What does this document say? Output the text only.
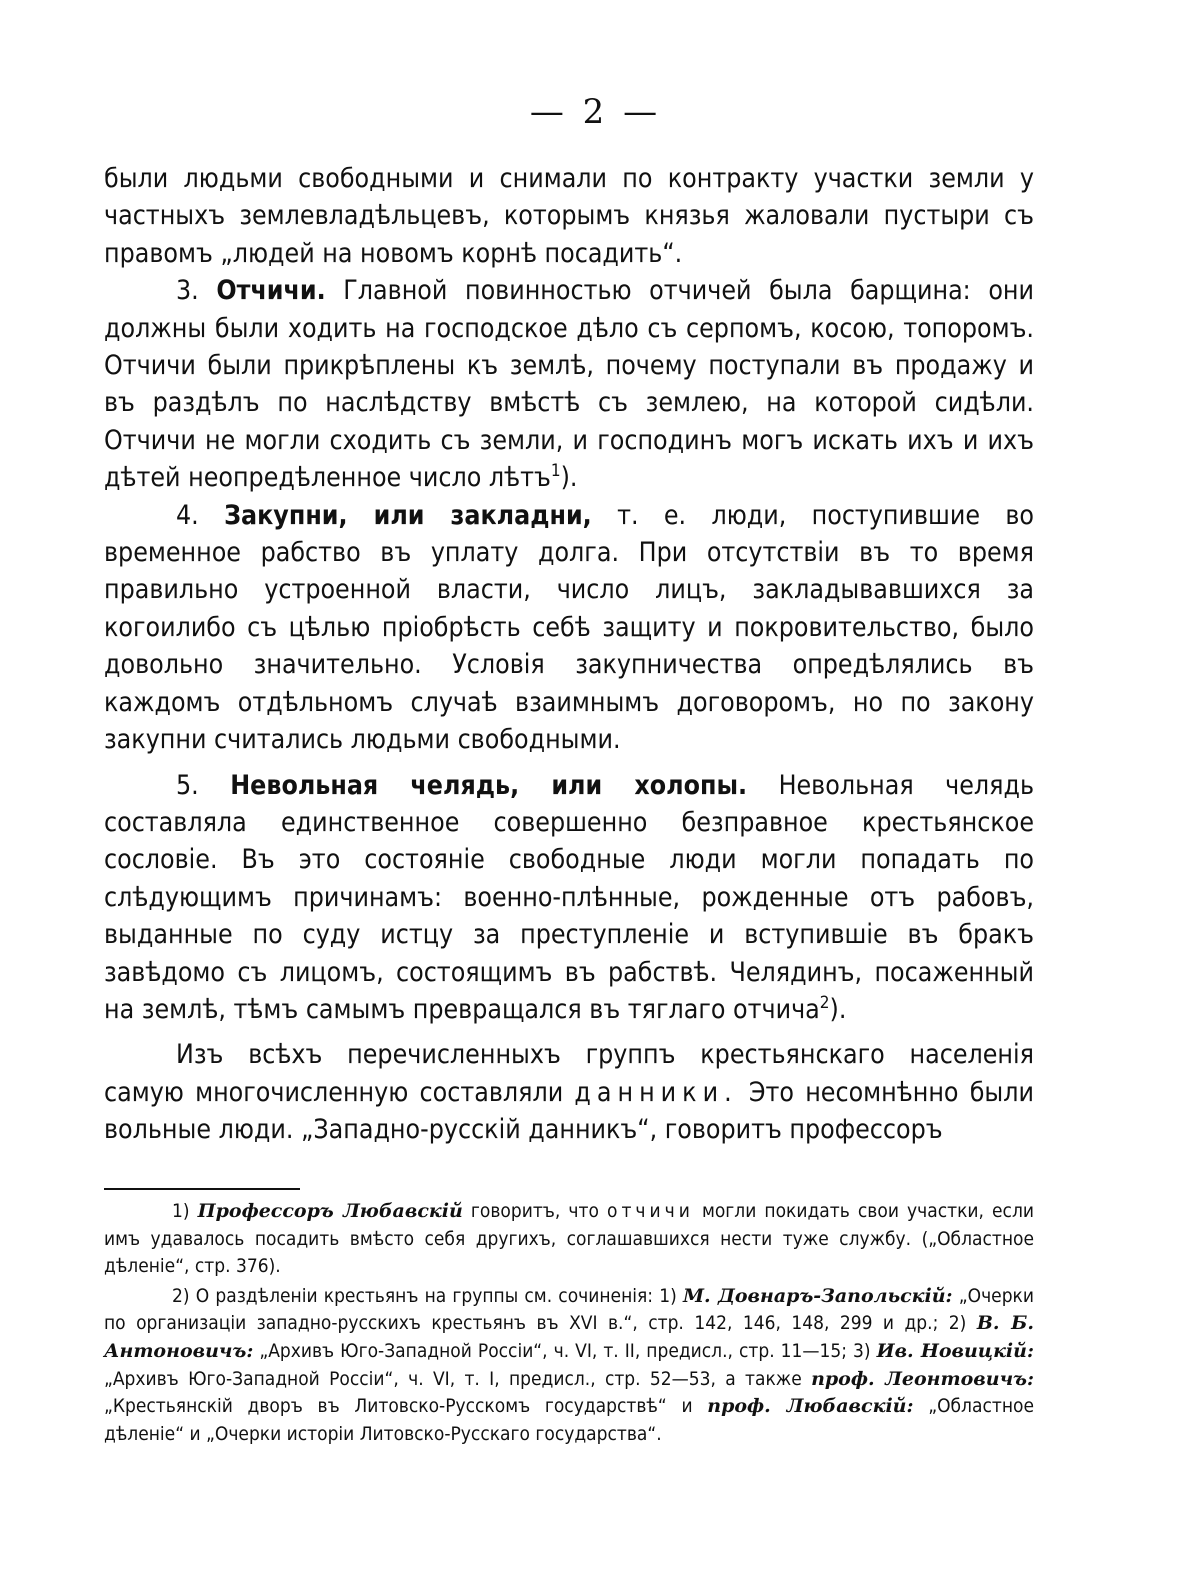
— 2 —

были людьми свободными и снимали по контракту участки земли у частныхъ землевладѣльцевъ, которымъ князья жаловали пустыри съ правомъ „людей на новомъ корнѣ посадить“.

3. Отчичи. Главной повинностью отчичей была барщина: они должны были ходить на господское дѣло съ серпомъ, косою, топоромъ. Отчичи были прикрѣплены къ землѣ, почему поступали въ продажу и въ раздѣлъ по наслѣдству вмѣстѣ съ землею, на которой сидѣли. Отчичи не могли сходить съ земли, и господинъ могъ искать ихъ и ихъ дѣтей неопредѣленное число лѣтъ$^1$).

4. Закупни, или закладни, т. е. люди, поступившие во временное рабство въ уплату долга. При отсутствiи въ то время правильно устроенной власти, число лицъ, закладывавшихся за когоилибо съ цѣлью прiобрѣсть себѣ защиту и покровительство, было довольно значительно. Условiя закупничества опредѣлялись въ каждомъ отдѣльномъ случаѣ взаимнымъ договоромъ, но по закону закупни считались людьми свободными.

5. Невольная челядь, или холопы. Невольная челядь составляла единственное совершенно безправное крестьянское сословiе. Въ это состоянiе свободные люди могли попадать по слѣдующимъ причинамъ: военно-плѣнные, рожденные отъ рабовъ, выданные по суду истцу за преступленiе и вступившiе въ бракъ завѣдомо съ лицомъ, состоящимъ въ рабствѣ. Челядинъ, посаженный на землѣ, тѣмъ самымъ превращался въ тяглаго отчича$^2$).

Изъ всѣхъ перечисленныхъ группъ крестьянскаго населенiя самую многочисленную составляли данники. Это несомнѣнно были вольные люди. „Западно-русскiй данникъ“, говоритъ профессоръ

1) Профессоръ Любавскiй говоритъ, что отчичи могли покидать свои участки, если имъ удавалось посадить вмѣсто себя другихъ, соглашавшихся нести туже службу. („Областное дѣленiе“, стр. 376).

2) О раздѣленiи крестьянъ на группы см. сочиненiя: 1) М. Довнаръ-Запольскiй: „Очерки по организацiи западно-русскихъ крестьянъ въ XVI в.“, стр. 142, 146, 148, 299 и др.; 2) В. Б. Антоновичъ: „Архивъ Юго-Западной Россiи“, ч. VI, т. II, предисл., стр. 11—15; 3) Ив. Новицкiй: „Архивъ Юго-Западной Россiи“, ч. VI, т. I, предисл., стр. 52—53, а также проф. Леонтовичъ: „Крестьянскiй дворъ въ Литовско-Русскомъ государствѣ“ и проф. Любавскiй: „Областное дѣленiе“ и „Очерки исторiи Литовско-Русскаго государства“.
